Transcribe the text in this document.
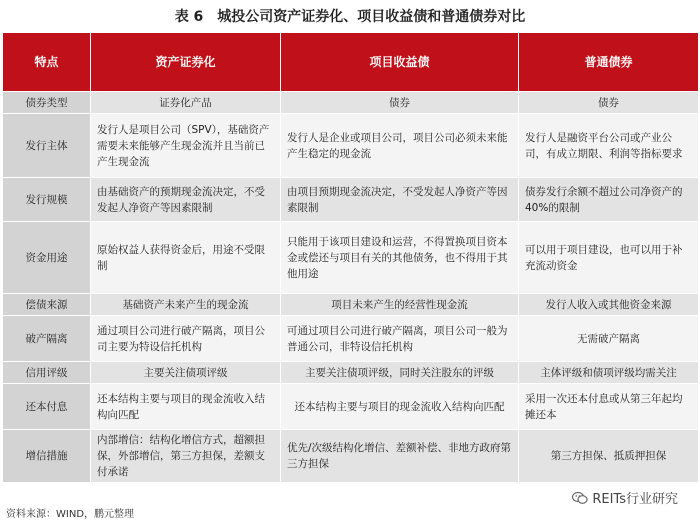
表 6　城投公司资产证券化、项目收益债和普通债券对比
特点	资产证券化	项目收益债	普通债券
债券类型	证券化产品	债券	债券
发行主体	发行人是项目公司（SPV），基础资产需要未来能够产生现金流并且当前已产生现金流	发行人是企业或项目公司，项目公司必须未来能产生稳定的现金流	发行人是融资平台公司或产业公司，有成立期限、利润等指标要求
发行规模	由基础资产的预期现金流决定，不受发起人净资产等因素限制	由项目预期现金流决定，不受发起人净资产等因素限制	债券发行余额不超过公司净资产的 40%的限制
资金用途	原始权益人获得资金后，用途不受限制	只能用于该项目建设和运营，不得置换项目资本金或偿还与项目有关的其他债务，也不得用于其他用途	可以用于项目建设，也可以用于补充流动资金
偿债来源	基础资产未来产生的现金流	项目未来产生的经营性现金流	发行人收入或其他资金来源
破产隔离	通过项目公司进行破产隔离，项目公司主要为特设信托机构	可通过项目公司进行破产隔离，项目公司一般为普通公司，非特设信托机构	无需破产隔离
信用评级	主要关注债项评级	主要关注债项评级，同时关注股东的评级	主体评级和债项评级均需关注
还本付息	还本结构主要与项目的现金流收入结构向匹配	还本结构主要与项目的现金流收入结构向匹配	采用一次还本付息或从第三年起均摊还本
增信措施	内部增信：结构化增信方式，超额担保，外部增信，第三方担保，差额支付承诺	优先/次级结构化增信、差额补偿、非地方政府第三方担保	第三方担保、抵质押担保
资料来源：WIND，鹏元整理
REITs行业研究
